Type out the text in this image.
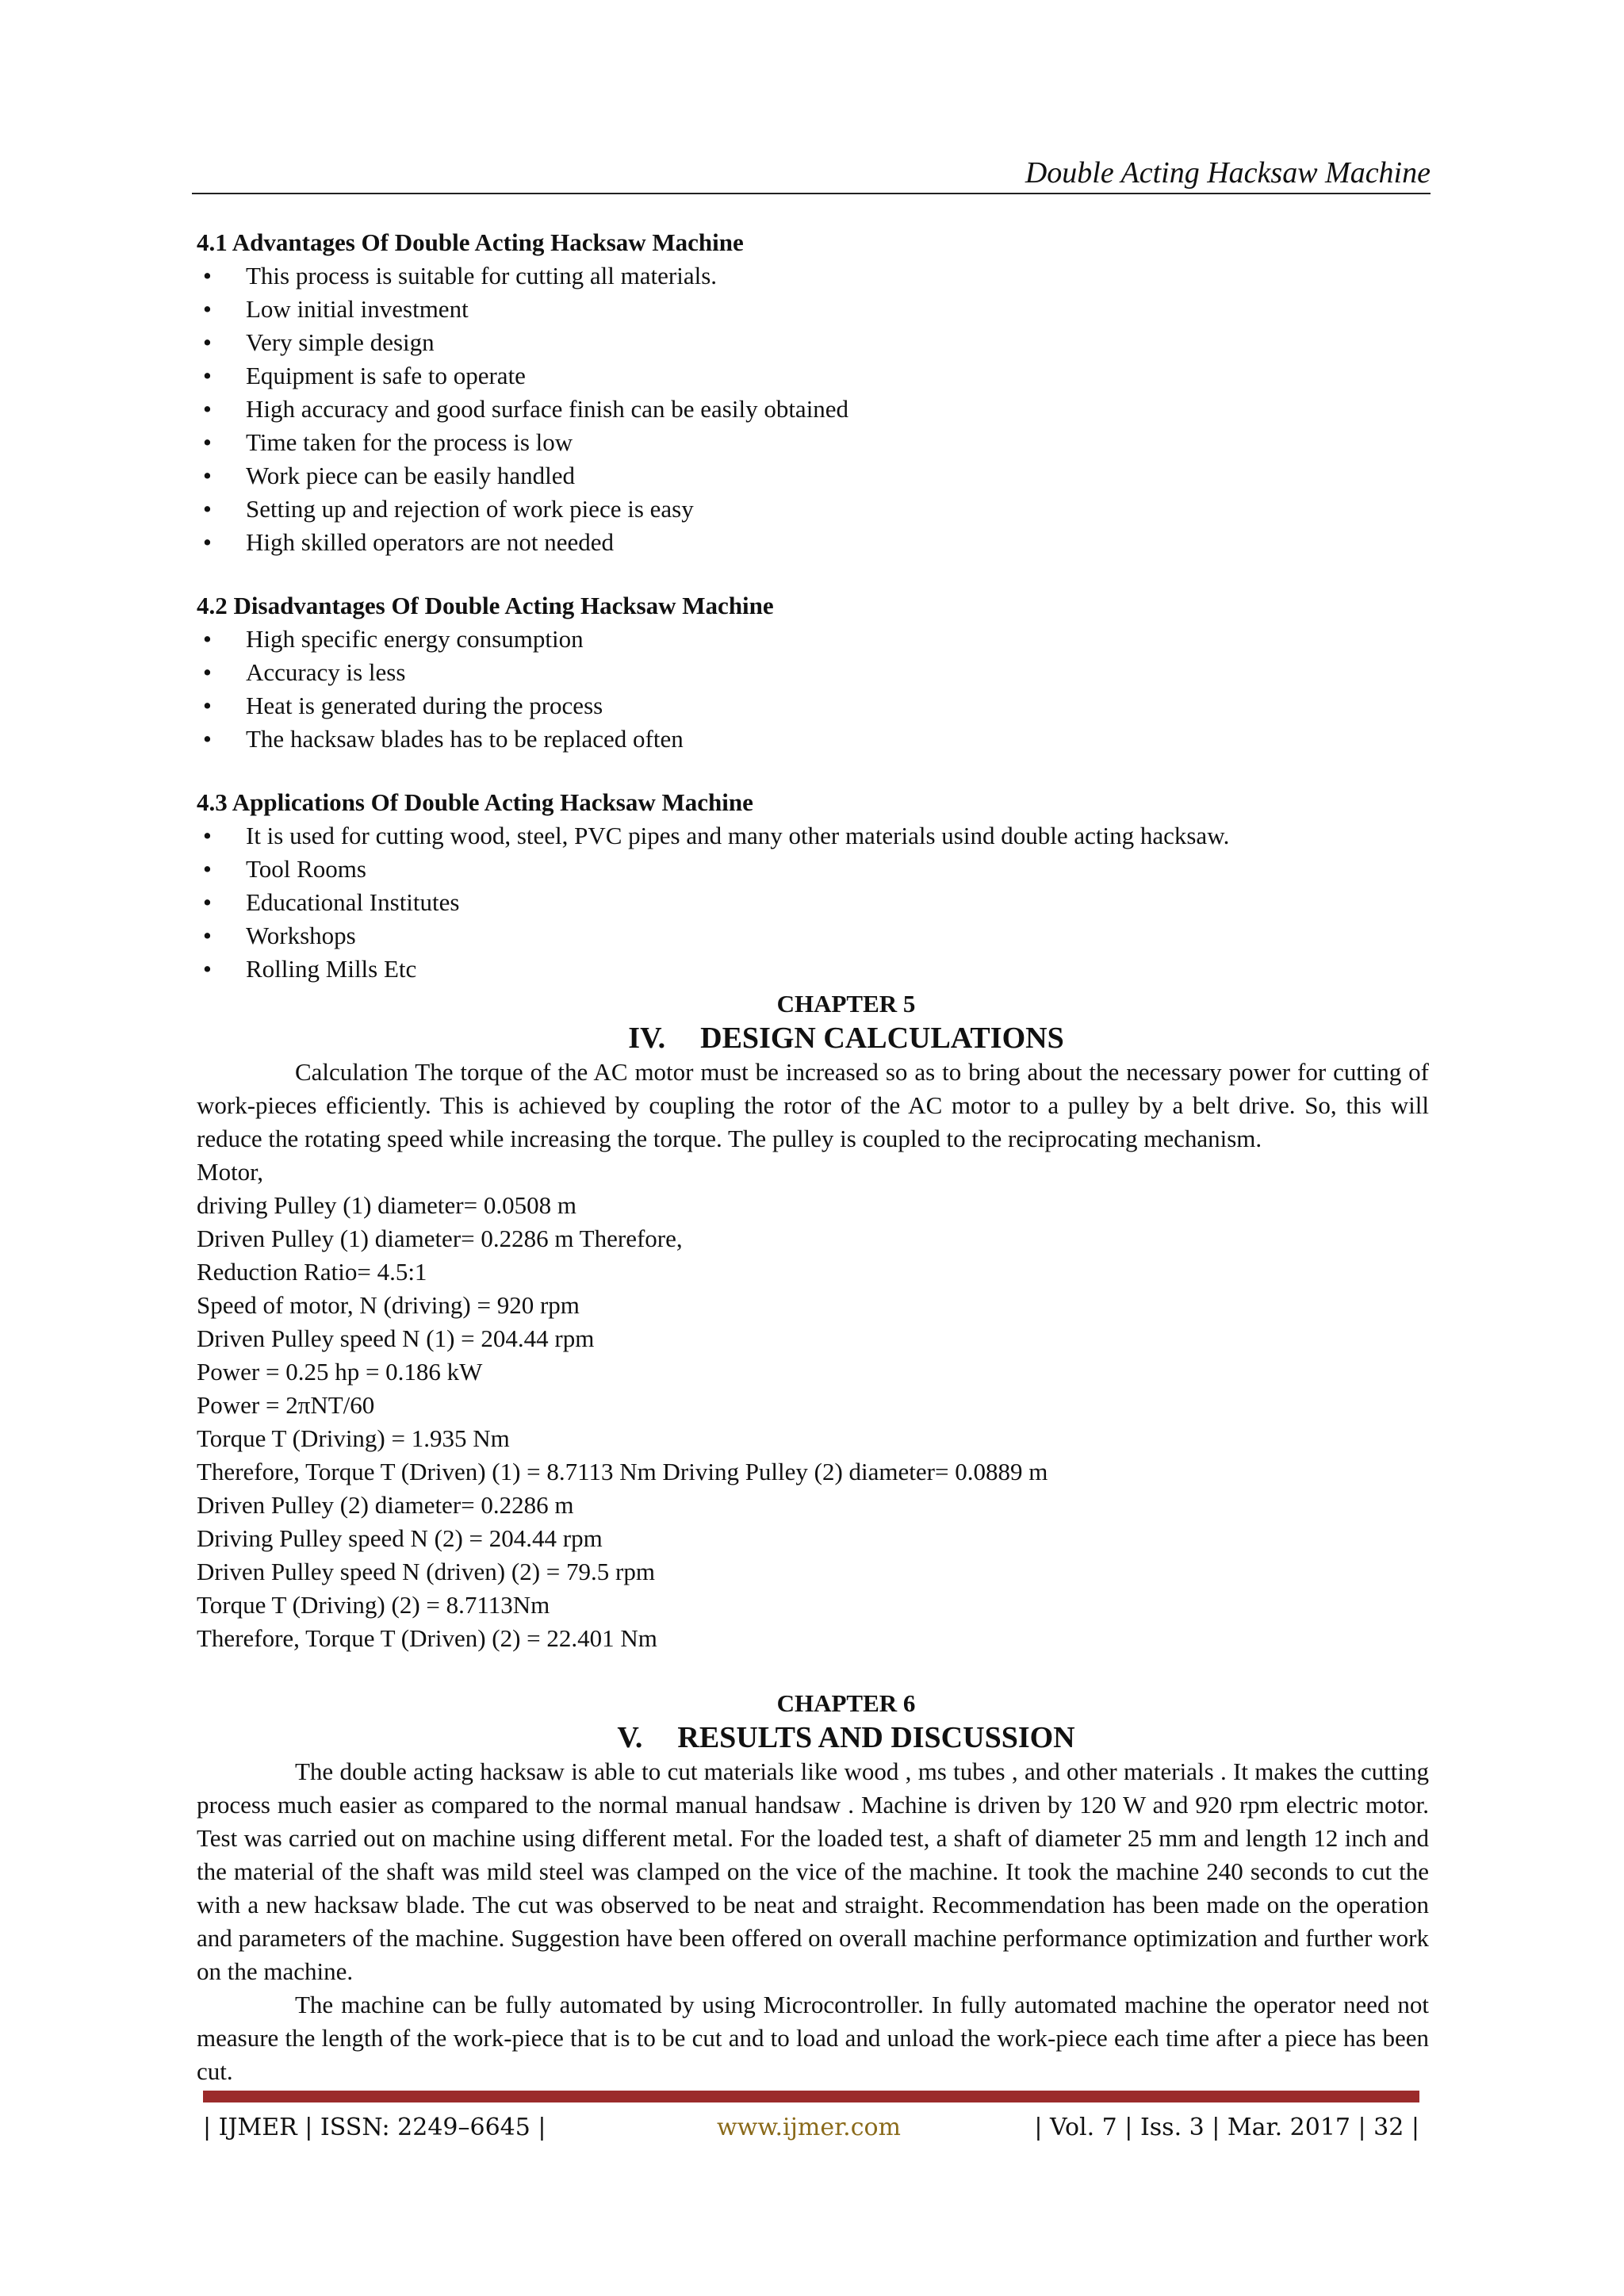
Double Acting Hacksaw Machine

4.1 Advantages Of Double Acting Hacksaw Machine

• This process is suitable for cutting all materials.
• Low initial investment
• Very simple design
• Equipment is safe to operate
• High accuracy and good surface finish can be easily obtained
• Time taken for the process is low
• Work piece can be easily handled
• Setting up and rejection of work piece is easy
• High skilled operators are not needed

4.2 Disadvantages Of Double Acting Hacksaw Machine

• High specific energy consumption
• Accuracy is less
• Heat is generated during the process
• The hacksaw blades has to be replaced often

4.3 Applications Of Double Acting Hacksaw Machine

• It is used for cutting wood, steel, PVC pipes and many other materials usind double acting hacksaw.
• Tool Rooms
• Educational Institutes
• Workshops
• Rolling Mills Etc

CHAPTER 5

IV. DESIGN CALCULATIONS

Calculation The torque of the AC motor must be increased so as to bring about the necessary power for cutting of work-pieces efficiently. This is achieved by coupling the rotor of the AC motor to a pulley by a belt drive. So, this will reduce the rotating speed while increasing the torque. The pulley is coupled to the reciprocating mechanism.

Motor,

driving Pulley (1) diameter= 0.0508 m

Driven Pulley (1) diameter= 0.2286 m Therefore,

Reduction Ratio= 4.5:1

Speed of motor, N (driving) = 920 rpm

Driven Pulley speed N (1) = 204.44 rpm

Power = 0.25 hp = 0.186 kW

Power = 2πNT/60

Torque T (Driving) = 1.935 Nm

Therefore, Torque T (Driven) (1) = 8.7113 Nm Driving Pulley (2) diameter= 0.0889 m

Driven Pulley (2) diameter= 0.2286 m

Driving Pulley speed N (2) = 204.44 rpm

Driven Pulley speed N (driven) (2) = 79.5 rpm

Torque T (Driving) (2) = 8.7113Nm

Therefore, Torque T (Driven) (2) = 22.401 Nm

CHAPTER 6

V. RESULTS AND DISCUSSION

The double acting hacksaw is able to cut materials like wood , ms tubes , and other materials . It makes the cutting process much easier as compared to the normal manual handsaw . Machine is driven by 120 W and 920 rpm electric motor. Test was carried out on machine using different metal. For the loaded test, a shaft of diameter 25 mm and length 12 inch and the material of the shaft was mild steel was clamped on the vice of the machine. It took the machine 240 seconds to cut the with a new hacksaw blade. The cut was observed to be neat and straight. Recommendation has been made on the operation and parameters of the machine. Suggestion have been offered on overall machine performance optimization and further work on the machine.

The machine can be fully automated by using Microcontroller. In fully automated machine the operator need not measure the length of the work-piece that is to be cut and to load and unload the work-piece each time after a piece has been cut.

| IJMER | ISSN: 2249–6645 |	www.ijmer.com	| Vol. 7 | Iss. 3 | Mar. 2017 | 32 |
